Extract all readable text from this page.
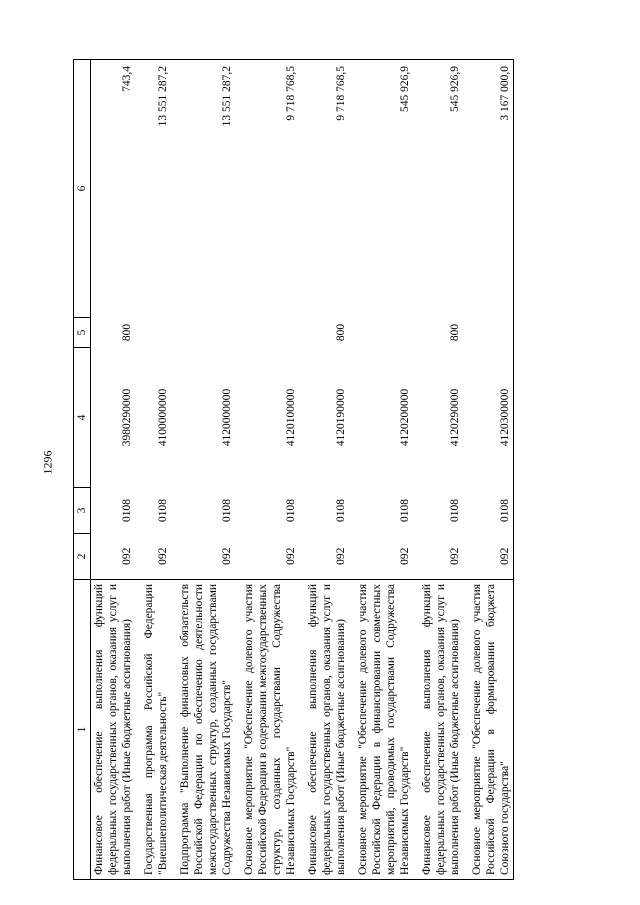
1296
1	2	3	4	5	6
Финансовое обеспечение выполнения функций федеральных государственных органов, оказания услуг и выполнения работ (Иные бюджетные ассигнования)	092	0108	3980290000	800	743,4

Государственная программа Российской Федерации "Внешнеполитическая деятельность"	092	0108	4100000000		13 551 287,2

Подпрограмма "Выполнение финансовых обязательств Российской Федерации по обеспечению деятельности межгосударственных структур, созданных государствами Содружества Независимых Государств"	092	0108	4120000000		13 551 287,2

Основное мероприятие "Обеспечение долевого участия Российской Федерации в содержании межгосударственных структур, созданных государствами Содружества Независимых Государств"	092	0108	4120100000		9 718 768,5

Финансовое обеспечение выполнения функций федеральных государственных органов, оказания услуг и выполнения работ (Иные бюджетные ассигнования)	092	0108	4120190000	800	9 718 768,5

Основное мероприятие "Обеспечение долевого участия Российской Федерации в финансировании совместных мероприятий, проводимых государствами Содружества Независимых Государств"	092	0108	4120200000		545 926,9

Финансовое обеспечение выполнения функций федеральных государственных органов, оказания услуг и выполнения работ (Иные бюджетные ассигнования)	092	0108	4120290000	800	545 926,9

Основное мероприятие "Обеспечение долевого участия Российской Федерации в формировании бюджета Союзного государства"	092	0108	4120300000		3 167 000,0
